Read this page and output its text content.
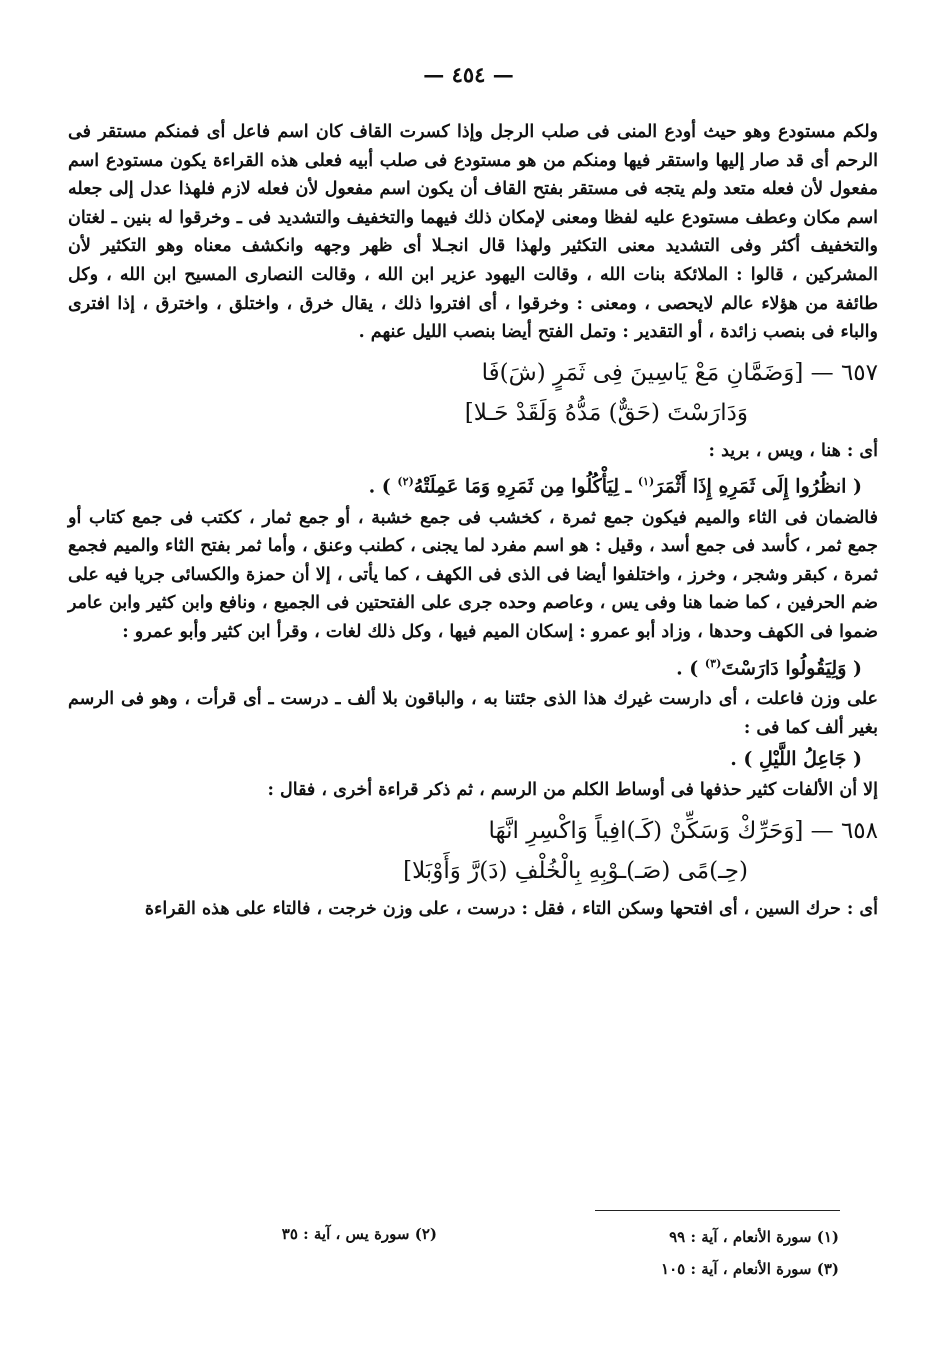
— ٤٥٤ —

ولكم مستودع وهو حيث أودع المنى فى صلب الرجل وإذا كسرت القاف كان اسم فاعل أى فمنكم مستقر فى الرحم أى قد صار إليها واستقر فيها ومنكم من هو مستودع فى صلب أبيه فعلى هذه القراءة يكون مستودع اسم مفعول لأن فعله متعد ولم يتجه فى مستقر بفتح القاف أن يكون اسم مفعول لأن فعله لازم فلهذا عدل إلى جعله اسم مكان وعطف مستودع عليه لفظا ومعنى لإمكان ذلك فيهما والتخفيف والتشديد فى ـ وخرقوا له بنين ـ لغتان والتخفيف أكثر وفى التشديد معنى التكثير ولهذا قال انجـلا أى ظهر وجهه وانكشف معناه وهو التكثير لأن المشركين ، قالوا : الملائكة بنات الله ، وقالت اليهود عزير ابن الله ، وقالت النصارى المسيح ابن الله ، وكل طائفة من هؤلاء عالم لايحصى ، ومعنى : وخرقوا ، أى افتروا ذلك ، يقال خرق ، واختلق ، واخترق ، إذا افترى والباء فى بنصب زائدة ، أو التقدير : وتمل الفتح أيضا بنصب الليل عنهم .

٦٥٧ — [وَضَمَّانِ مَعْ يَاسِينَ فِى ثَمَرٍ (شَ)فَا
وَدَارَسْتَ (حَقٌّ) مَدُّهُ وَلَقَدْ حَـلا]

أى : هنا ، ويس ، بريد :

( انظُرُوا إِلَى ثَمَرِهِ إِذَا أَثْمَرَ$^{(١)}$ ـ لِيَأْكُلُوا مِن ثَمَرِهِ وَمَا عَمِلَتْهُ$^{(٢)}$ ) .

فالضمان فى الثاء والميم فيكون جمع ثمرة ، كخشب فى جمع خشبة ، أو جمع ثمار ، ككتب فى جمع كتاب أو جمع ثمر ، كأسد فى جمع أسد ، وقيل : هو اسم مفرد لما يجنى ، كطنب وعنق ، وأما ثمر بفتح الثاء والميم فجمع ثمرة ، كبقر وشجر ، وخرز ، واختلفوا أيضا فى الذى فى الكهف ، كما يأتى ، إلا أن حمزة والكسائى جريا فيه على ضم الحرفين ، كما ضما هنا وفى يس ، وعاصم وحده جرى على الفتحتين فى الجميع ، ونافع وابن كثير وابن عامر ضموا فى الكهف وحدها ، وزاد أبو عمرو : إسكان الميم فيها ، وكل ذلك لغات ، وقرأ ابن كثير وأبو عمرو :

( وَلِيَقُولُوا دَارَسْتَ$^{(٣)}$ ) .

على وزن فاعلت ، أى دارست غيرك هذا الذى جئتنا به ، والباقون بلا ألف ـ درست ـ أى قرأت ، وهو فى الرسم بغير ألف كما فى :

( جَاعِلُ اللَّيْلِ ) .

إلا أن الألفات كثير حذفها فى أوساط الكلم من الرسم ، ثم ذكر قراءة أخرى ، فقال :

٦٥٨ — [وَحَرِّكْ وَسَكِّنْ (كَـ)افِياً وَاكْسِرِ انَّهَا
(حِـ)مًى (صَـ)ـوْبِهِ بِالْخُلْفِ (دَ)رَّ وَأَوْبَلا]

أى : حرك السين ، أى افتحها وسكن التاء ، فقل : درست ، على وزن خرجت ، فالتاء على هذه القراءة

(١) سورة الأنعام ، آية : ٩٩
(٢) سورة يس ، آية : ٣٥
(٣) سورة الأنعام ، آية : ١٠٥
